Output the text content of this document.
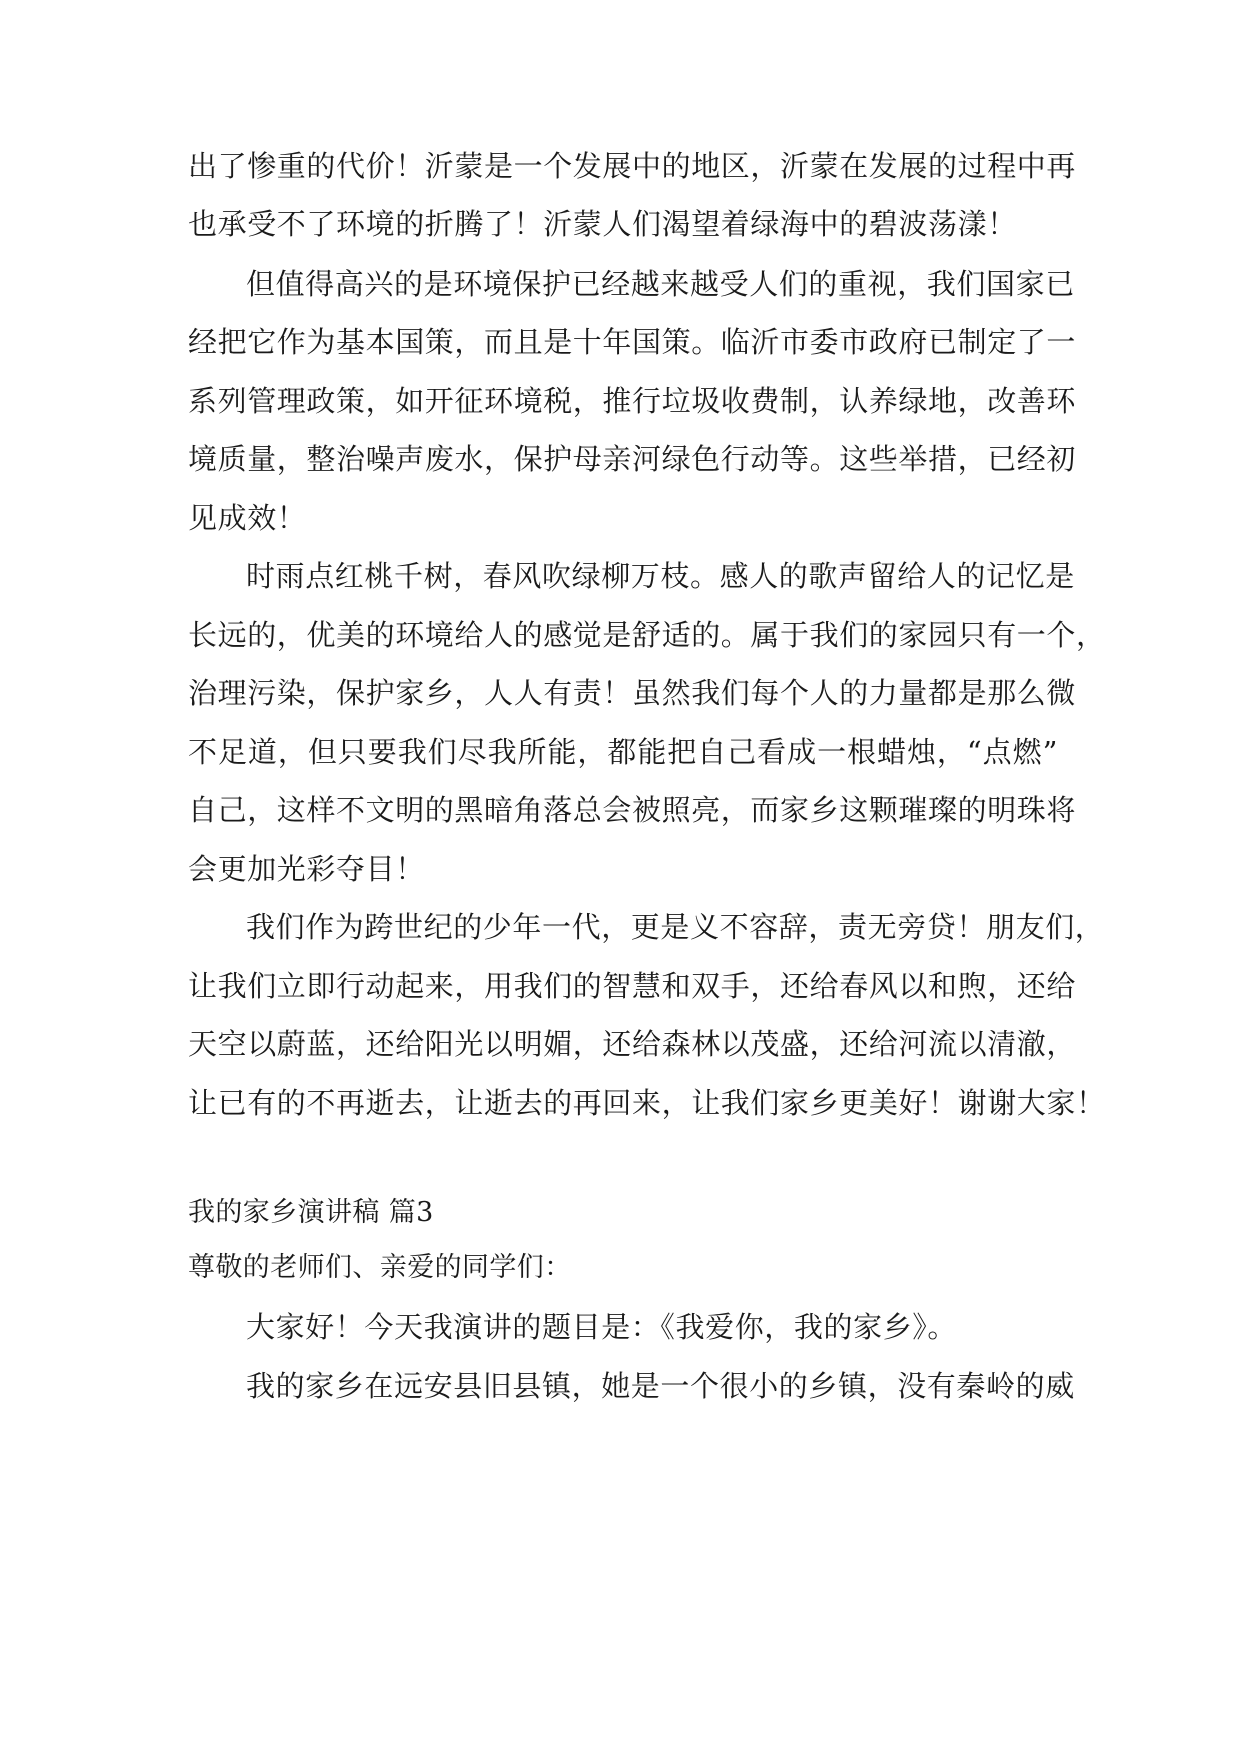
出了惨重的代价！沂蒙是一个发展中的地区，沂蒙在发展的过程中再
也承受不了环境的折腾了！沂蒙人们渴望着绿海中的碧波荡漾！
但值得高兴的是环境保护已经越来越受人们的重视，我们国家已
经把它作为基本国策，而且是十年国策。临沂市委市政府已制定了一
系列管理政策，如开征环境税，推行垃圾收费制，认养绿地，改善环
境质量，整治噪声废水，保护母亲河绿色行动等。这些举措，已经初
见成效！
时雨点红桃千树，春风吹绿柳万枝。感人的歌声留给人的记忆是
长远的，优美的环境给人的感觉是舒适的。属于我们的家园只有一个，
治理污染，保护家乡，人人有责！虽然我们每个人的力量都是那么微
不足道，但只要我们尽我所能，都能把自己看成一根蜡烛，“点燃”
自己，这样不文明的黑暗角落总会被照亮，而家乡这颗璀璨的明珠将
会更加光彩夺目！
我们作为跨世纪的少年一代，更是义不容辞，责无旁贷！朋友们，
让我们立即行动起来，用我们的智慧和双手，还给春风以和煦，还给
天空以蔚蓝，还给阳光以明媚，还给森林以茂盛，还给河流以清澈，
让已有的不再逝去，让逝去的再回来，让我们家乡更美好！谢谢大家！
我的家乡演讲稿 篇3
尊敬的老师们、亲爱的同学们：
大家好！今天我演讲的题目是：《我爱你，我的家乡》。
我的家乡在远安县旧县镇，她是一个很小的乡镇，没有秦岭的威
